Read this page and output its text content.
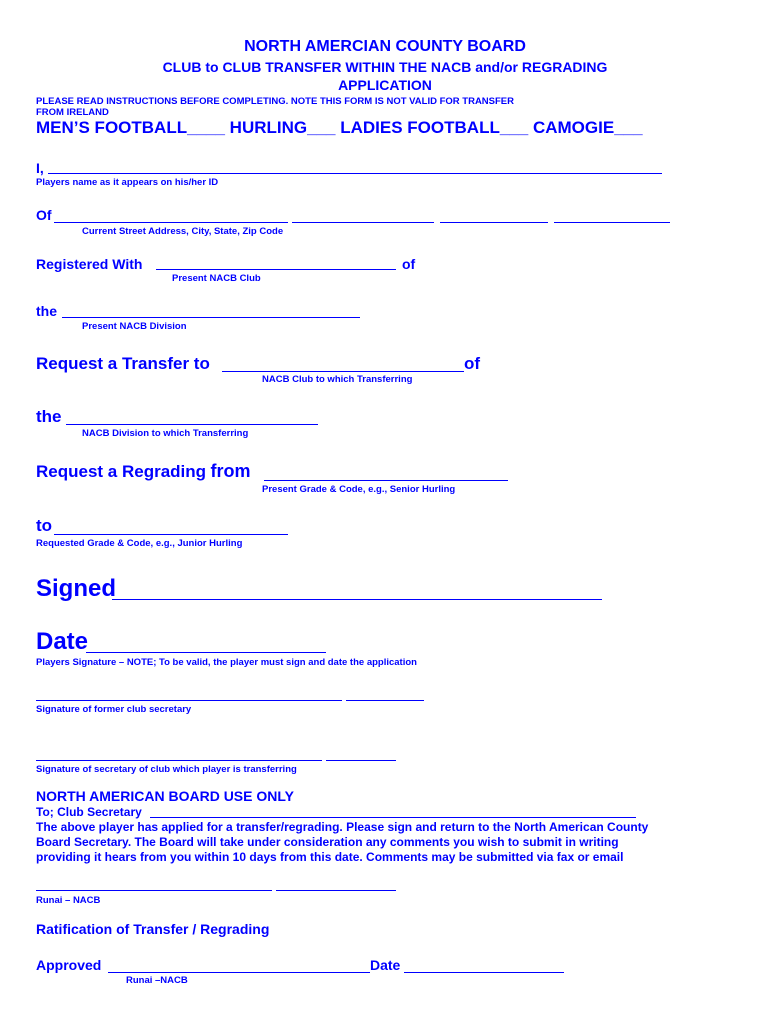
NORTH AMERCIAN COUNTY BOARD
CLUB to CLUB TRANSFER WITHIN THE NACB and/or REGRADING
APPLICATION
PLEASE READ INSTRUCTIONS BEFORE COMPLETING. NOTE THIS FORM IS NOT VALID FOR TRANSFER
FROM IRELAND
MEN’S FOOTBALL____ HURLING___ LADIES FOOTBALL___ CAMOGIE___
I,
Players name as it appears on his/her ID
Of
Current Street Address, City, State, Zip Code
Registered With	of
Present NACB Club
the
Present NACB Division
Request a Transfer to	of
NACB Club to which Transferring
the
NACB Division to which Transferring
Request a Regrading from
Present Grade & Code, e.g., Senior Hurling
to
Requested Grade & Code, e.g., Junior Hurling
Signed
Date
Players Signature – NOTE; To be valid, the player must sign and date the application
Signature of former club secretary
Signature of secretary of club which player is transferring
NORTH AMERICAN BOARD USE ONLY
To; Club Secretary
The above player has applied for a transfer/regrading. Please sign and return to the North American County
Board Secretary. The Board will take under consideration any comments you wish to submit in writing
providing it hears from you within 10 days from this date. Comments may be submitted via fax or email
Runai – NACB
Ratification of Transfer / Regrading
Approved	Date
Runai –NACB
